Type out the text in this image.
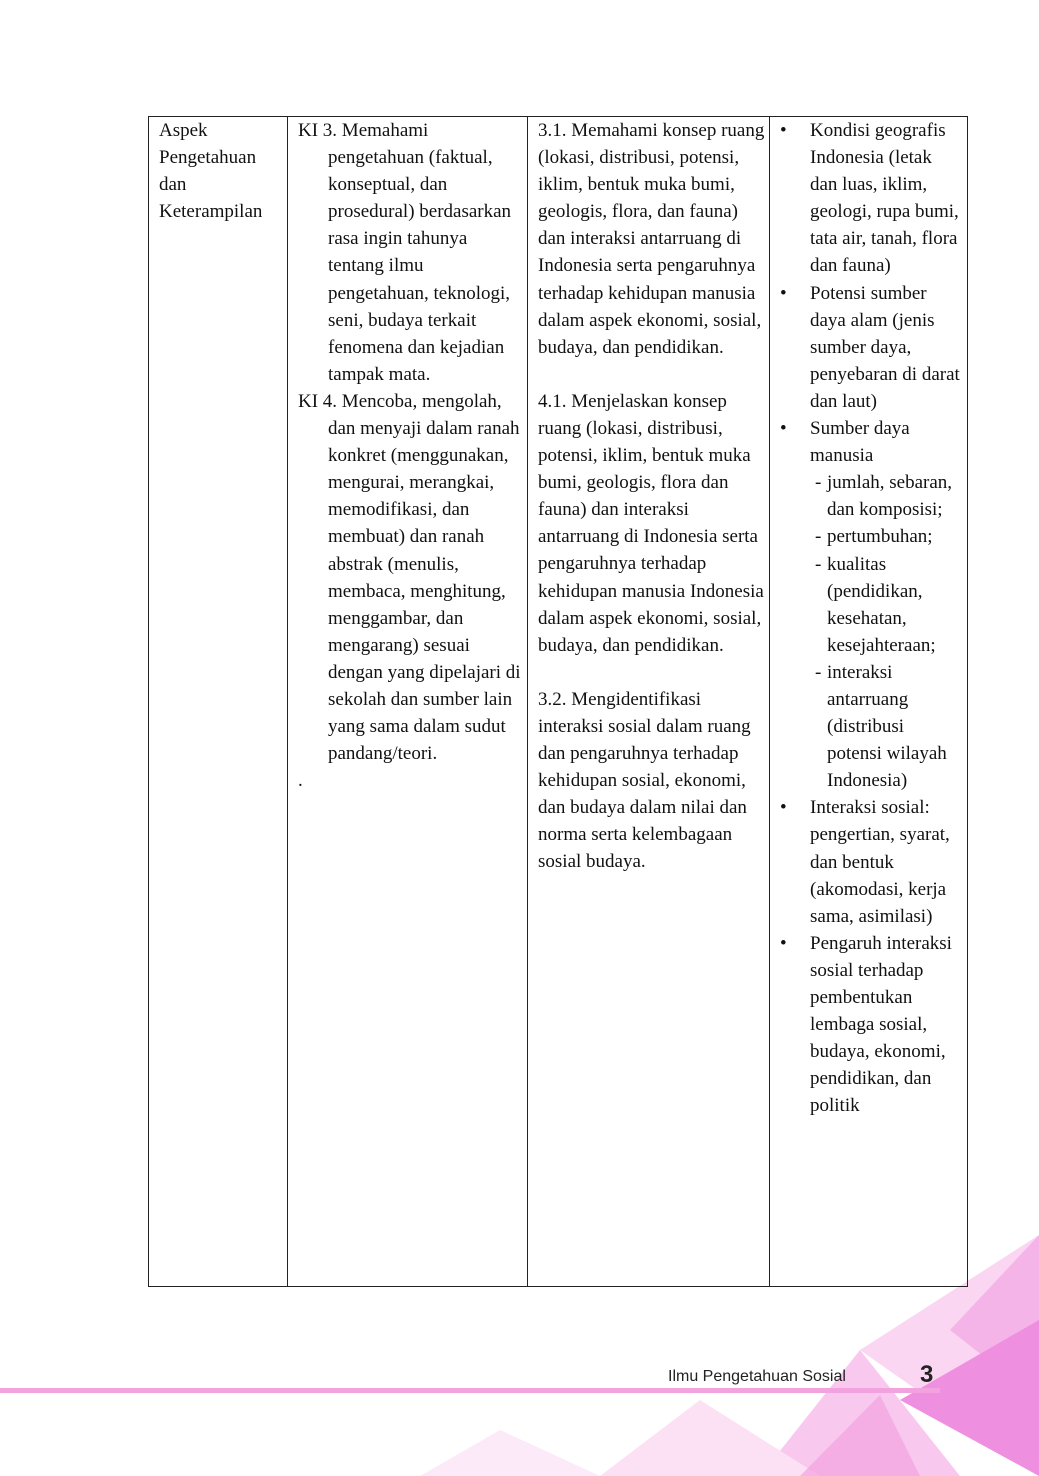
Aspek Pengetahuan dan Keterampilan
KI 3. Memahami pengetahuan (faktual, konseptual, dan prosedural) berdasarkan rasa ingin tahunya tentang ilmu pengetahuan, teknologi, seni, budaya terkait fenomena dan kejadian tampak mata.
KI 4. Mencoba, mengolah, dan menyaji dalam ranah konkret (menggunakan, mengurai, merangkai, memodifikasi, dan membuat) dan ranah abstrak (menulis, membaca, menghitung, menggambar, dan mengarang) sesuai dengan yang dipelajari di sekolah dan sumber lain yang sama dalam sudut pandang/teori.
.
3.1. Memahami konsep ruang (lokasi, distribusi, potensi, iklim, bentuk muka bumi, geologis, flora, dan fauna) dan interaksi antarruang di Indonesia serta pengaruhnya terhadap kehidupan manusia dalam aspek ekonomi, sosial, budaya, dan pendidikan.
4.1. Menjelaskan konsep ruang (lokasi, distribusi, potensi, iklim, bentuk muka bumi, geologis, flora dan fauna) dan interaksi antarruang di Indonesia serta pengaruhnya terhadap kehidupan manusia Indonesia dalam aspek ekonomi, sosial, budaya, dan pendidikan.
3.2. Mengidentifikasi interaksi sosial dalam ruang dan pengaruhnya terhadap kehidupan sosial, ekonomi, dan budaya dalam nilai dan norma serta kelembagaan sosial budaya.
• Kondisi geografis Indonesia (letak dan luas, iklim, geologi, rupa bumi, tata air, tanah, flora dan fauna)
• Potensi sumber daya alam (jenis sumber daya, penyebaran di darat dan laut)
• Sumber daya manusia
- jumlah, sebaran, dan komposisi;
- pertumbuhan;
- kualitas (pendidikan, kesehatan, kesejahteraan;
- interaksi antarruang (distribusi potensi wilayah Indonesia)
• Interaksi sosial: pengertian, syarat, dan bentuk (akomodasi, kerja sama, asimilasi)
• Pengaruh interaksi sosial terhadap pembentukan lembaga sosial, budaya, ekonomi, pendidikan, dan politik
Ilmu Pengetahuan Sosial	3
